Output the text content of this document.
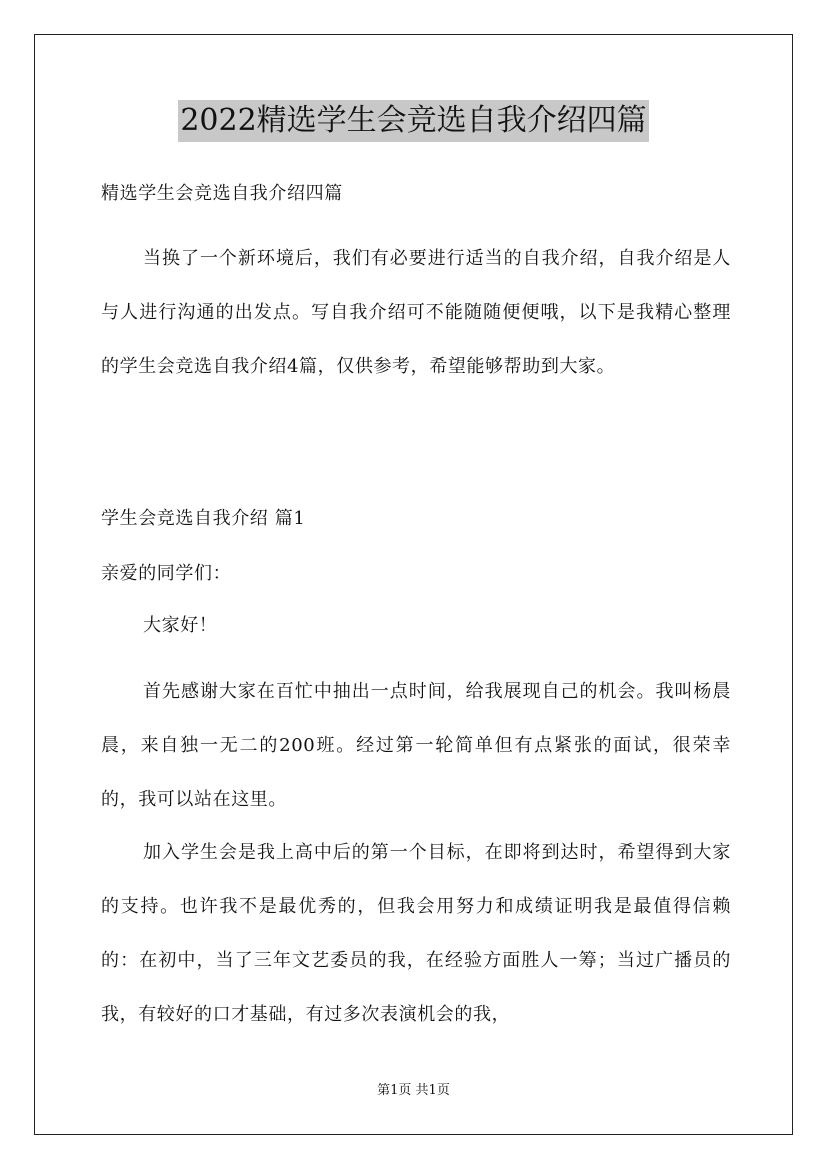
2022精选学生会竞选自我介绍四篇
精选学生会竞选自我介绍四篇
当换了一个新环境后，我们有必要进行适当的自我介绍，自我介绍是人与人进行沟通的出发点。写自我介绍可不能随随便便哦，以下是我精心整理的学生会竞选自我介绍4篇，仅供参考，希望能够帮助到大家。
学生会竞选自我介绍 篇1
亲爱的同学们：
大家好！
首先感谢大家在百忙中抽出一点时间，给我展现自己的机会。我叫杨晨晨，来自独一无二的200班。经过第一轮简单但有点紧张的面试，很荣幸的，我可以站在这里。
加入学生会是我上高中后的第一个目标，在即将到达时，希望得到大家的支持。也许我不是最优秀的，但我会用努力和成绩证明我是最值得信赖的：在初中，当了三年文艺委员的我，在经验方面胜人一筹；当过广播员的我，有较好的口才基础，有过多次表演机会的我，
第1页 共1页
